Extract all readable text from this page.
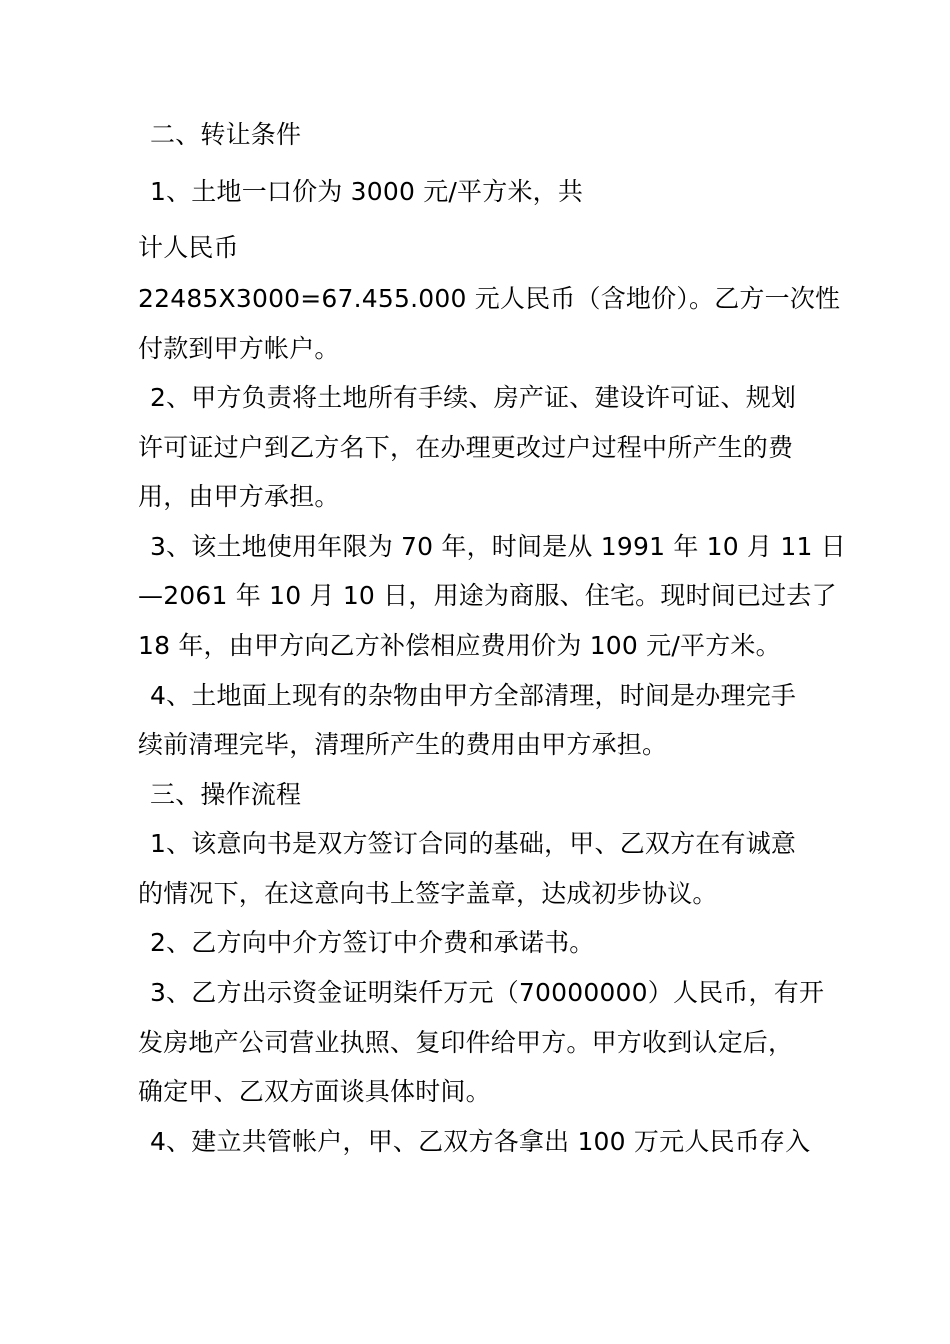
二、转让条件
1、土地一口价为 3000 元/平方米，共
计人民币
22485X3000=67.455.000 元人民币（含地价）。乙方一次性
付款到甲方帐户。
2、甲方负责将土地所有手续、房产证、建设许可证、规划
许可证过户到乙方名下，在办理更改过户过程中所产生的费
用，由甲方承担。
3、该土地使用年限为 70 年，时间是从 1991 年 10 月 11 日
—2061 年 10 月 10 日，用途为商服、住宅。现时间已过去了
18 年，由甲方向乙方补偿相应费用价为 100 元/平方米。
4、土地面上现有的杂物由甲方全部清理，时间是办理完手
续前清理完毕，清理所产生的费用由甲方承担。
三、操作流程
1、该意向书是双方签订合同的基础，甲、乙双方在有诚意
的情况下，在这意向书上签字盖章，达成初步协议。
2、乙方向中介方签订中介费和承诺书。
3、乙方出示资金证明柒仟万元（70000000）人民币，有开
发房地产公司营业执照、复印件给甲方。甲方收到认定后，
确定甲、乙双方面谈具体时间。
4、建立共管帐户，甲、乙双方各拿出 100 万元人民币存入
